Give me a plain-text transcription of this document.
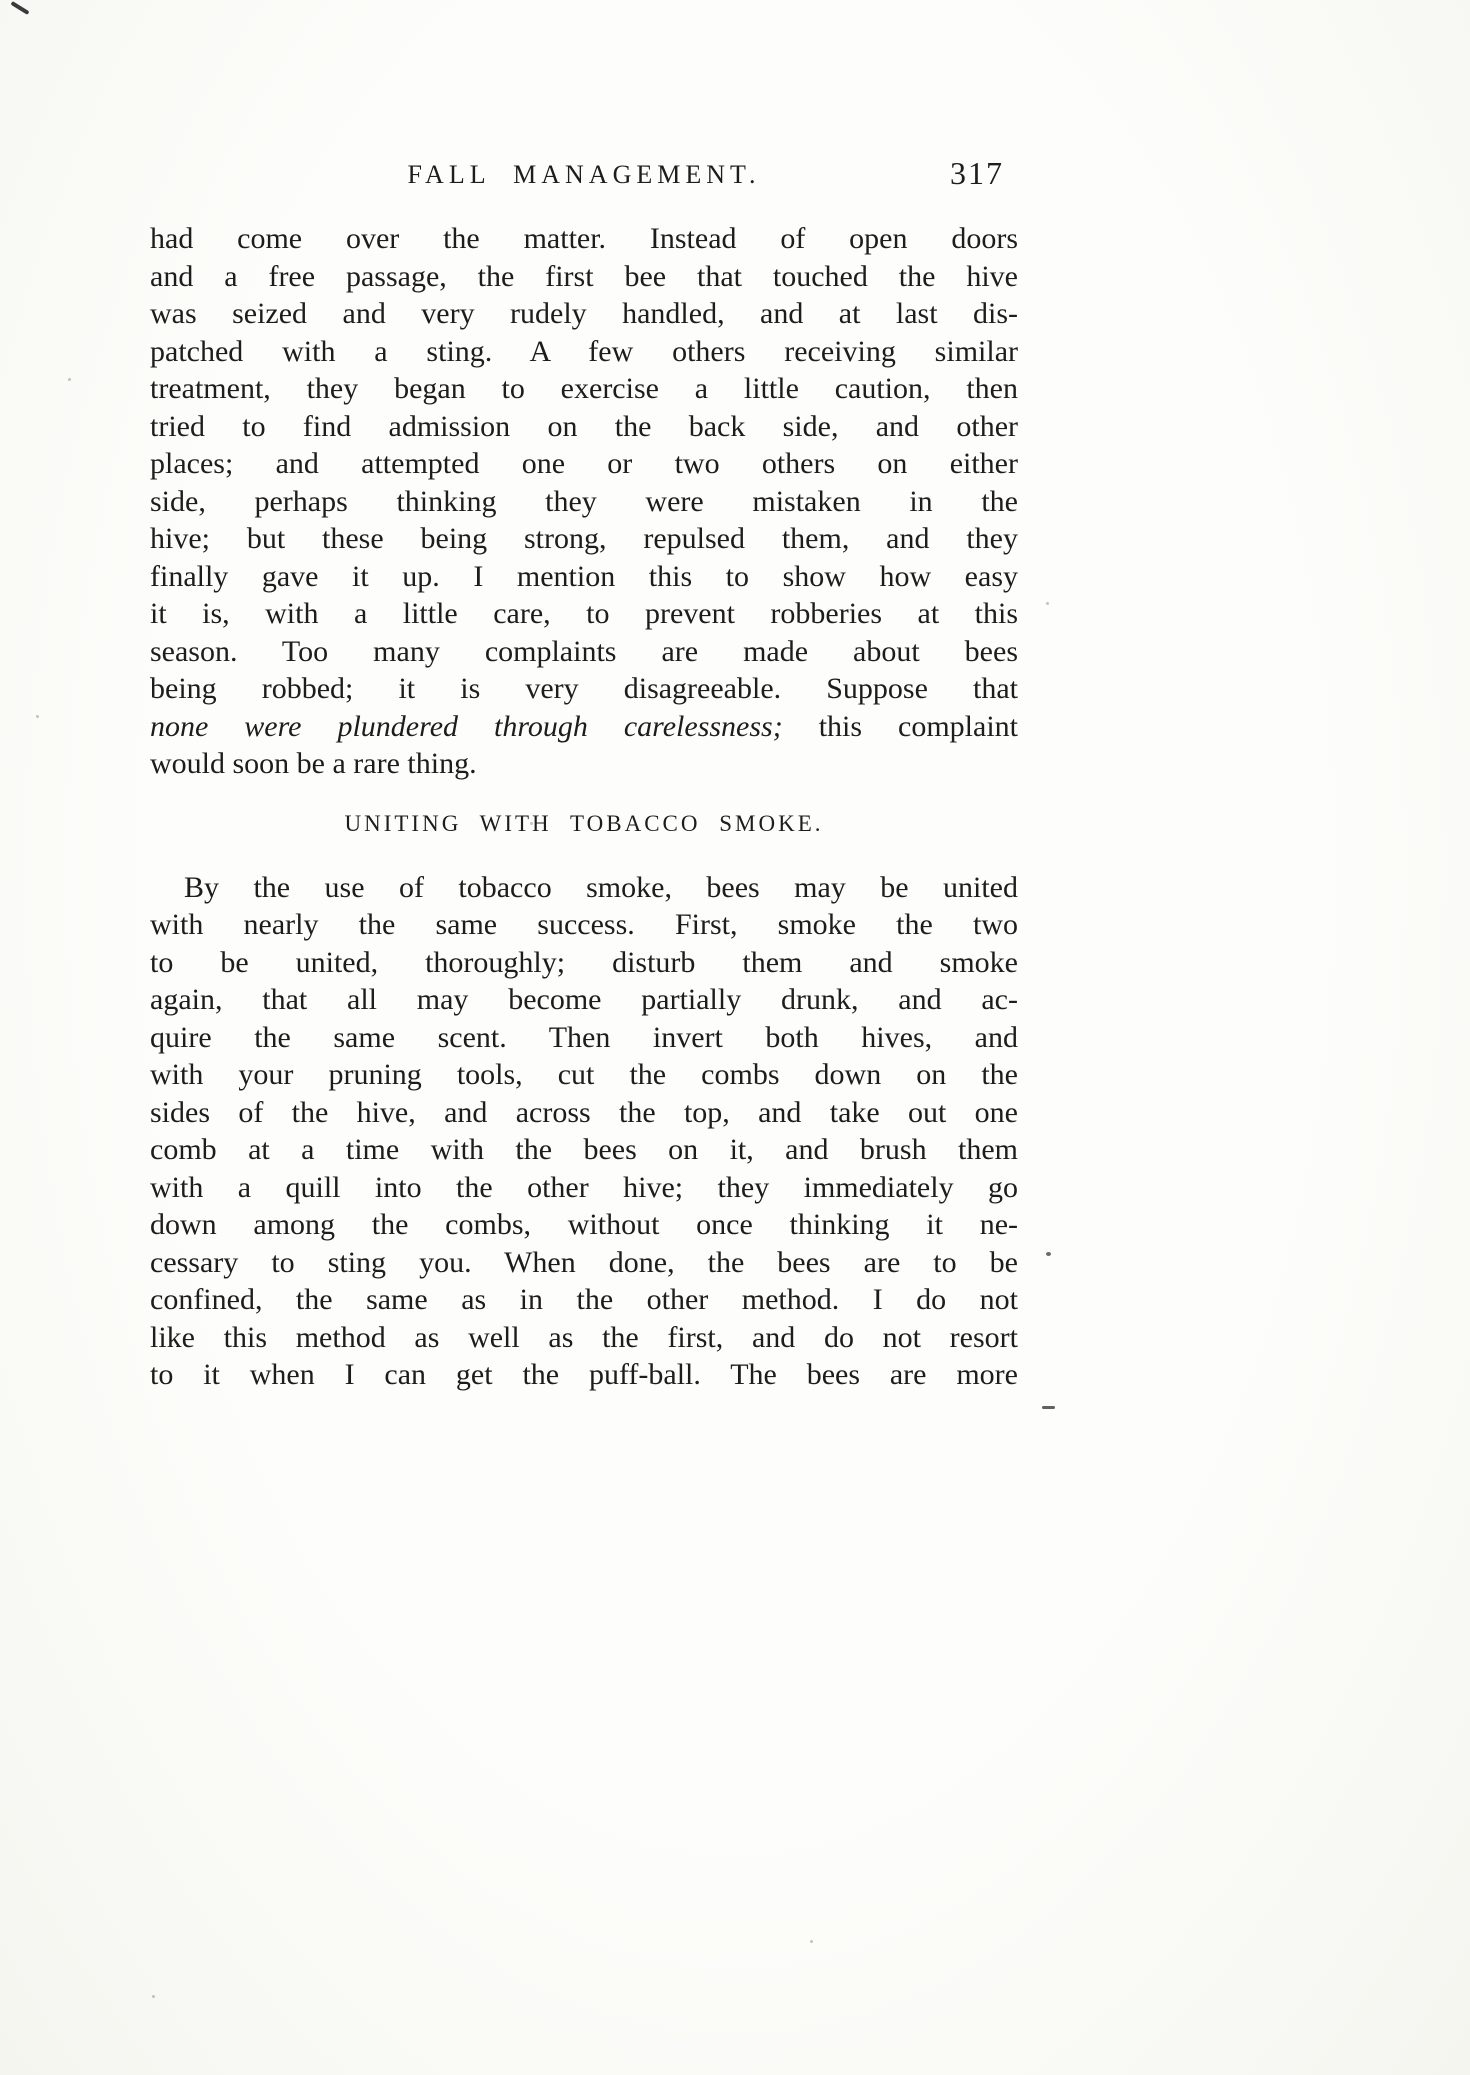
FALL MANAGEMENT.	317
had come over the matter. Instead of open doors
and a free passage, the first bee that touched the hive
was seized and very rudely handled, and at last dis-
patched with a sting. A few others receiving similar
treatment, they began to exercise a little caution, then
tried to find admission on the back side, and other
places; and attempted one or two others on either
side, perhaps thinking they were mistaken in the
hive; but these being strong, repulsed them, and they
finally gave it up. I mention this to show how easy
it is, with a little care, to prevent robberies at this
season. Too many complaints are made about bees
being robbed; it is very disagreeable. Suppose that
none were plundered through carelessness; this complaint
would soon be a rare thing.
UNITING WITH TOBACCO SMOKE.
By the use of tobacco smoke, bees may be united
with nearly the same success. First, smoke the two
to be united, thoroughly; disturb them and smoke
again, that all may become partially drunk, and ac-
quire the same scent. Then invert both hives, and
with your pruning tools, cut the combs down on the
sides of the hive, and across the top, and take out one
comb at a time with the bees on it, and brush them
with a quill into the other hive; they immediately go
down among the combs, without once thinking it ne-
cessary to sting you. When done, the bees are to be
confined, the same as in the other method. I do not
like this method as well as the first, and do not resort
to it when I can get the puff-ball. The bees are more
